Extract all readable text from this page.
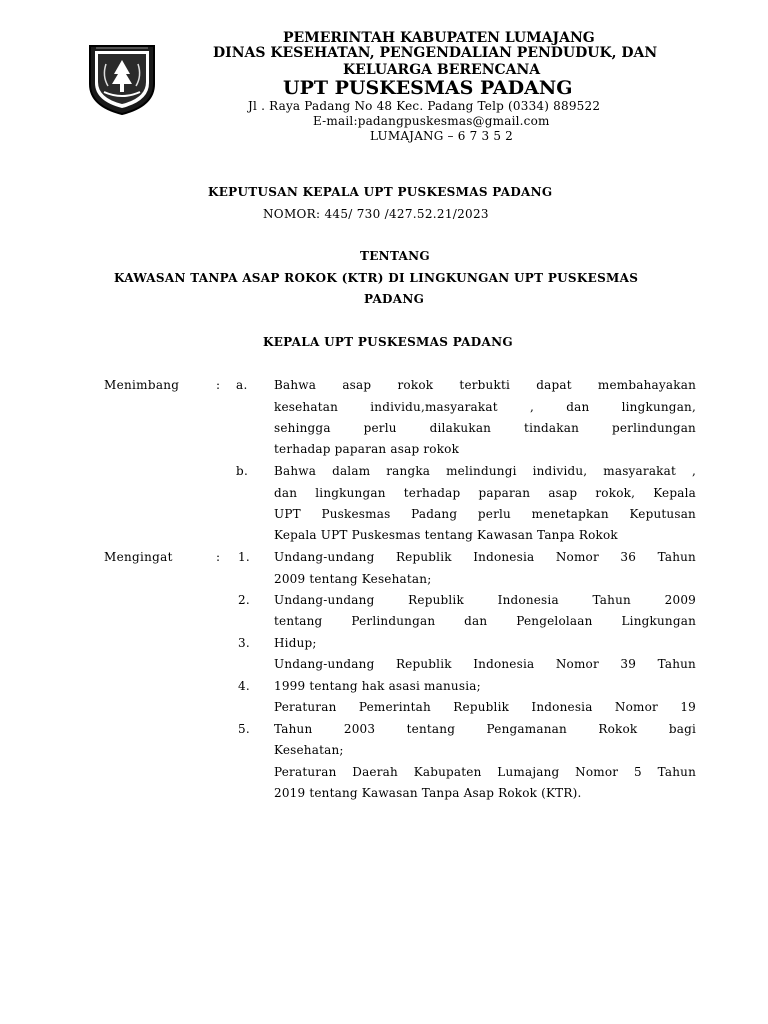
PEMERINTAH KABUPATEN LUMAJANG
DINAS KESEHATAN, PENGENDALIAN PENDUDUK, DAN
KELUARGA BERENCANA
UPT PUSKESMAS PADANG
Jl . Raya Padang No 48 Kec. Padang Telp (0334) 889522
E-mail:padangpuskesmas@gmail.com
LUMAJANG – 6 7 3 5 2
KEPUTUSAN KEPALA UPT PUSKESMAS PADANG
NOMOR: 445/ 730 /427.52.21/2023
TENTANG
KAWASAN TANPA ASAP ROKOK (KTR) DI LINGKUNGAN UPT PUSKESMAS
PADANG
KEPALA UPT PUSKESMAS PADANG
Menimbang	: a. Bahwa asap rokok terbukti dapat membahayakan
kesehatan individu,masyarakat , dan lingkungan,
sehingga perlu dilakukan tindakan perlindungan
terhadap paparan asap rokok
b. Bahwa dalam rangka melindungi individu, masyarakat ,
dan lingkungan terhadap paparan asap rokok, Kepala
UPT Puskesmas Padang perlu menetapkan Keputusan
Kepala UPT Puskesmas tentang Kawasan Tanpa Rokok
Mengingat	: 1.
2.
3.
4.
5.
Undang-undang Republik Indonesia Nomor 36 Tahun
2009 tentang Kesehatan;
Undang-undang Republik Indonesia Tahun 2009
tentang Perlindungan dan Pengelolaan Lingkungan
Hidup;
Undang-undang Republik Indonesia Nomor 39 Tahun
1999 tentang hak asasi manusia;
Peraturan Pemerintah Republik Indonesia Nomor 19
Tahun 2003 tentang Pengamanan Rokok bagi
Kesehatan;
Peraturan Daerah Kabupaten Lumajang Nomor 5 Tahun
2019 tentang Kawasan Tanpa Asap Rokok (KTR).
